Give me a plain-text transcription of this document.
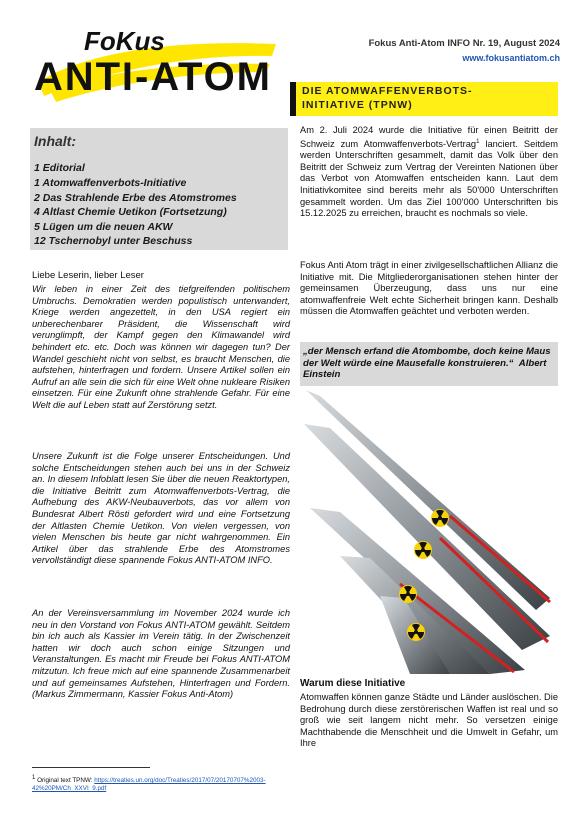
FoKus
ANTI-ATOM
Fokus Anti-Atom INFO Nr. 19, August 2024
www.fokusantiatom.ch
Inhalt:
1 Editorial
1 Atomwaffenverbots-Initiative
2 Das Strahlende Erbe des Atomstromes
4 Altlast Chemie Uetikon (Fortsetzung)
5 Lügen um die neuen AKW
12 Tschernobyl unter Beschuss
Liebe Leserin, lieber Leser

Wir leben in einer Zeit des tiefgreifenden politischem Umbruchs. Demokratien werden populistisch unterwandert, Kriege werden angezettelt, in den USA regiert ein unberechenbarer Präsident, die Wissenschaft wird verunglimpft, der Kampf gegen den Klimawandel wird behindert etc. etc. Doch was können wir dagegen tun? Der Wandel geschieht nicht von selbst, es braucht Menschen, die aufstehen, hinterfragen und fordern. Unsere Artikel sollen ein Aufruf an alle sein die sich für eine Welt ohne nukleare Risiken einsetzen. Für eine Zukunft ohne strahlende Gefahr. Für eine Welt die auf Leben statt auf Zerstörung setzt.

Unsere Zukunft ist die Folge unserer Entscheidungen. Und solche Entscheidungen stehen auch bei uns in der Schweiz an. In diesem Infoblatt lesen Sie über die neuen Reaktortypen, die Initiative Beitritt zum Atomwaffenverbots-Vertrag, die Aufhebung des AKW-Neubauverbots, das vor allem von Bundesrat Albert Rösti gefordert wird und eine Fortsetzung der Altlasten Chemie Uetikon. Von vielen vergessen, von vielen Menschen bis heute gar nicht wahrgenommen. Ein Artikel über das strahlende Erbe des Atomstromes vervollständigt diese spannende Fokus ANTI-ATOM INFO.

An der Vereinsversammlung im November 2024 wurde ich neu in den Vorstand von Fokus ANTI-ATOM gewählt. Seitdem bin ich auch als Kassier im Verein tätig. In der Zwischenzeit hatten wir doch auch schon einige Sitzungen und Veranstaltungen. Es macht mir Freude bei Fokus ANTI-ATOM mitzutun. Ich freue mich auf eine spannende Zusammenarbeit und auf gemeinsames Aufstehen, Hinterfragen und Fordern. (Markus Zimmermann, Kassier Fokus Anti-Atom)

DIE ATOMWAFFENVERBOTS-
INITIATIVE (TPNW)

Am 2. Juli 2024 wurde die Initiative für einen Beitritt der Schweiz zum Atomwaffenverbots-Vertrag$^1$ lanciert. Seitdem werden Unterschriften gesammelt, damit das Volk über den Beitritt der Schweiz zum Vertrag der Vereinten Nationen über das Verbot von Atomwaffen entscheiden kann. Laut dem Initiativkomitee sind bereits mehr als 50'000 Unterschriften gesammelt worden. Um das Ziel 100'000 Unterschriften bis 15.12.2025 zu erreichen, braucht es nochmals so viele.

Fokus Anti Atom trägt in einer zivilgesellschaftlichen Allianz die Initiative mit. Die Mitgliederorganisationen stehen hinter der gemeinsamen Überzeugung, dass uns nur eine atomwaffenfreie Welt echte Sicherheit bringen kann. Deshalb müssen die Atomwaffen geächtet und verboten werden.

„der Mensch erfand die Atombombe, doch keine Maus der Welt würde eine Mausefalle konstruieren.“ Albert Einstein
Warum diese Initiative

Atomwaffen können ganze Städte und Länder auslöschen. Die Bedrohung durch diese zerstörerischen Waffen ist real und so groß wie seit langem nicht mehr. So versetzen einige Machthabende die Menschheit und die Umwelt in Gefahr, um Ihre

$^1$ Original text TPNW: https://treaties.un.org/doc/Treaties/2017/07/20170707%2003-42%20PM/Ch_XXVI_9.pdf
